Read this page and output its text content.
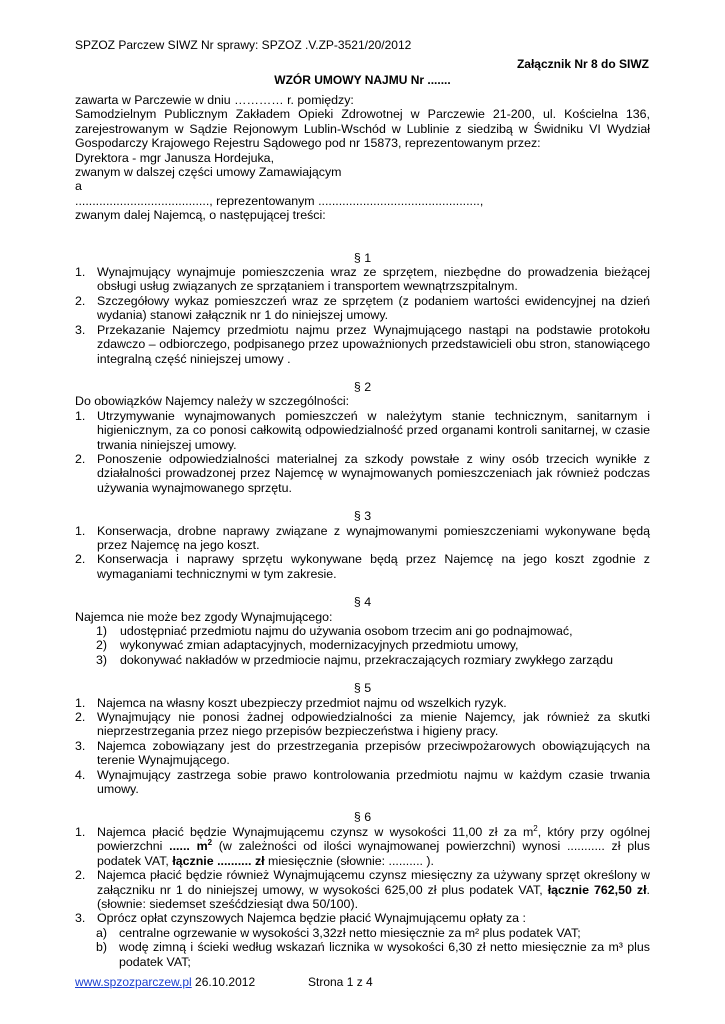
SPZOZ Parczew SIWZ Nr sprawy: SPZOZ .V.ZP-3521/20/2012
Załącznik Nr 8 do SIWZ
WZÓR UMOWY NAJMU Nr .......

zawarta w Parczewie w dniu ………… r. pomiędzy:

Samodzielnym Publicznym Zakładem Opieki Zdrowotnej w Parczewie 21-200, ul. Kościelna 136, zarejestrowanym w Sądzie Rejonowym Lublin-Wschód w Lublinie z siedzibą w Świdniku VI Wydział Gospodarczy Krajowego Rejestru Sądowego pod nr 15873, reprezentowanym przez:

Dyrektora - mgr Janusza Hordejuka,

zwanym w dalszej części umowy Zamawiającym

a

......................................., reprezentowanym ...............................................,

zwanym dalej Najemcą, o następującej treści:

§ 1

1. Wynajmujący wynajmuje pomieszczenia wraz ze sprzętem, niezbędne do prowadzenia bieżącej obsługi usług związanych ze sprzątaniem i transportem wewnątrzszpitalnym.
2. Szczegółowy wykaz pomieszczeń wraz ze sprzętem (z podaniem wartości ewidencyjnej na dzień wydania) stanowi załącznik nr 1 do niniejszej umowy.
3. Przekazanie Najemcy przedmiotu najmu przez Wynajmującego nastąpi na podstawie protokołu zdawczo – odbiorczego, podpisanego przez upoważnionych przedstawicieli obu stron, stanowiącego integralną część niniejszej umowy .

§ 2

Do obowiązków Najemcy należy w szczególności:

1. Utrzymywanie wynajmowanych pomieszczeń w należytym stanie technicznym, sanitarnym i higienicznym, za co ponosi całkowitą odpowiedzialność przed organami kontroli sanitarnej, w czasie trwania niniejszej umowy.
2. Ponoszenie odpowiedzialności materialnej za szkody powstałe z winy osób trzecich wynikłe z działalności prowadzonej przez Najemcę w wynajmowanych pomieszczeniach jak również podczas używania wynajmowanego sprzętu.

§ 3

1. Konserwacja, drobne naprawy związane z wynajmowanymi pomieszczeniami wykonywane będą przez Najemcę na jego koszt.
2. Konserwacja i naprawy sprzętu wykonywane będą przez Najemcę na jego koszt zgodnie z wymaganiami technicznymi w tym zakresie.

§ 4

Najemca nie może bez zgody Wynajmującego:

1) udostępniać przedmiotu najmu do używania osobom trzecim ani go podnajmować,
2) wykonywać zmian adaptacyjnych, modernizacyjnych przedmiotu umowy,
3) dokonywać nakładów w przedmiocie najmu, przekraczających rozmiary zwykłego zarządu

§ 5

1. Najemca na własny koszt ubezpieczy przedmiot najmu od wszelkich ryzyk.
2. Wynajmujący nie ponosi żadnej odpowiedzialności za mienie Najemcy, jak również za skutki nieprzestrzegania przez niego przepisów bezpieczeństwa i higieny pracy.
3. Najemca zobowiązany jest do przestrzegania przepisów przeciwpożarowych obowiązujących na terenie Wynajmującego.
4. Wynajmujący zastrzega sobie prawo kontrolowania przedmiotu najmu w każdym czasie trwania umowy.

§ 6

1. Najemca płacić będzie Wynajmującemu czynsz w wysokości 11,00 zł za $m^2$, który przy ogólnej powierzchni ...... $m^2$ (w zależności od ilości wynajmowanej powierzchni) wynosi ........... zł plus podatek VAT, łącznie .......... zł miesięcznie (słownie: .......... ).
2. Najemca płacić będzie również Wynajmującemu czynsz miesięczny za używany sprzęt określony w załączniku nr 1 do niniejszej umowy, w wysokości 625,00 zł plus podatek VAT, łącznie 762,50 zł. (słownie: siedemset sześćdziesiąt dwa 50/100).
3. Oprócz opłat czynszowych Najemca będzie płacić Wynajmującemu opłaty za :
a) centralne ogrzewanie w wysokości 3,32zł netto miesięcznie za m² plus podatek VAT;
b) wodę zimną i ścieki według wskazań licznika w wysokości 6,30 zł netto miesięcznie za m³ plus podatek VAT;
www.spzozparczew.pl 26.10.2012	Strona 1 z 4
